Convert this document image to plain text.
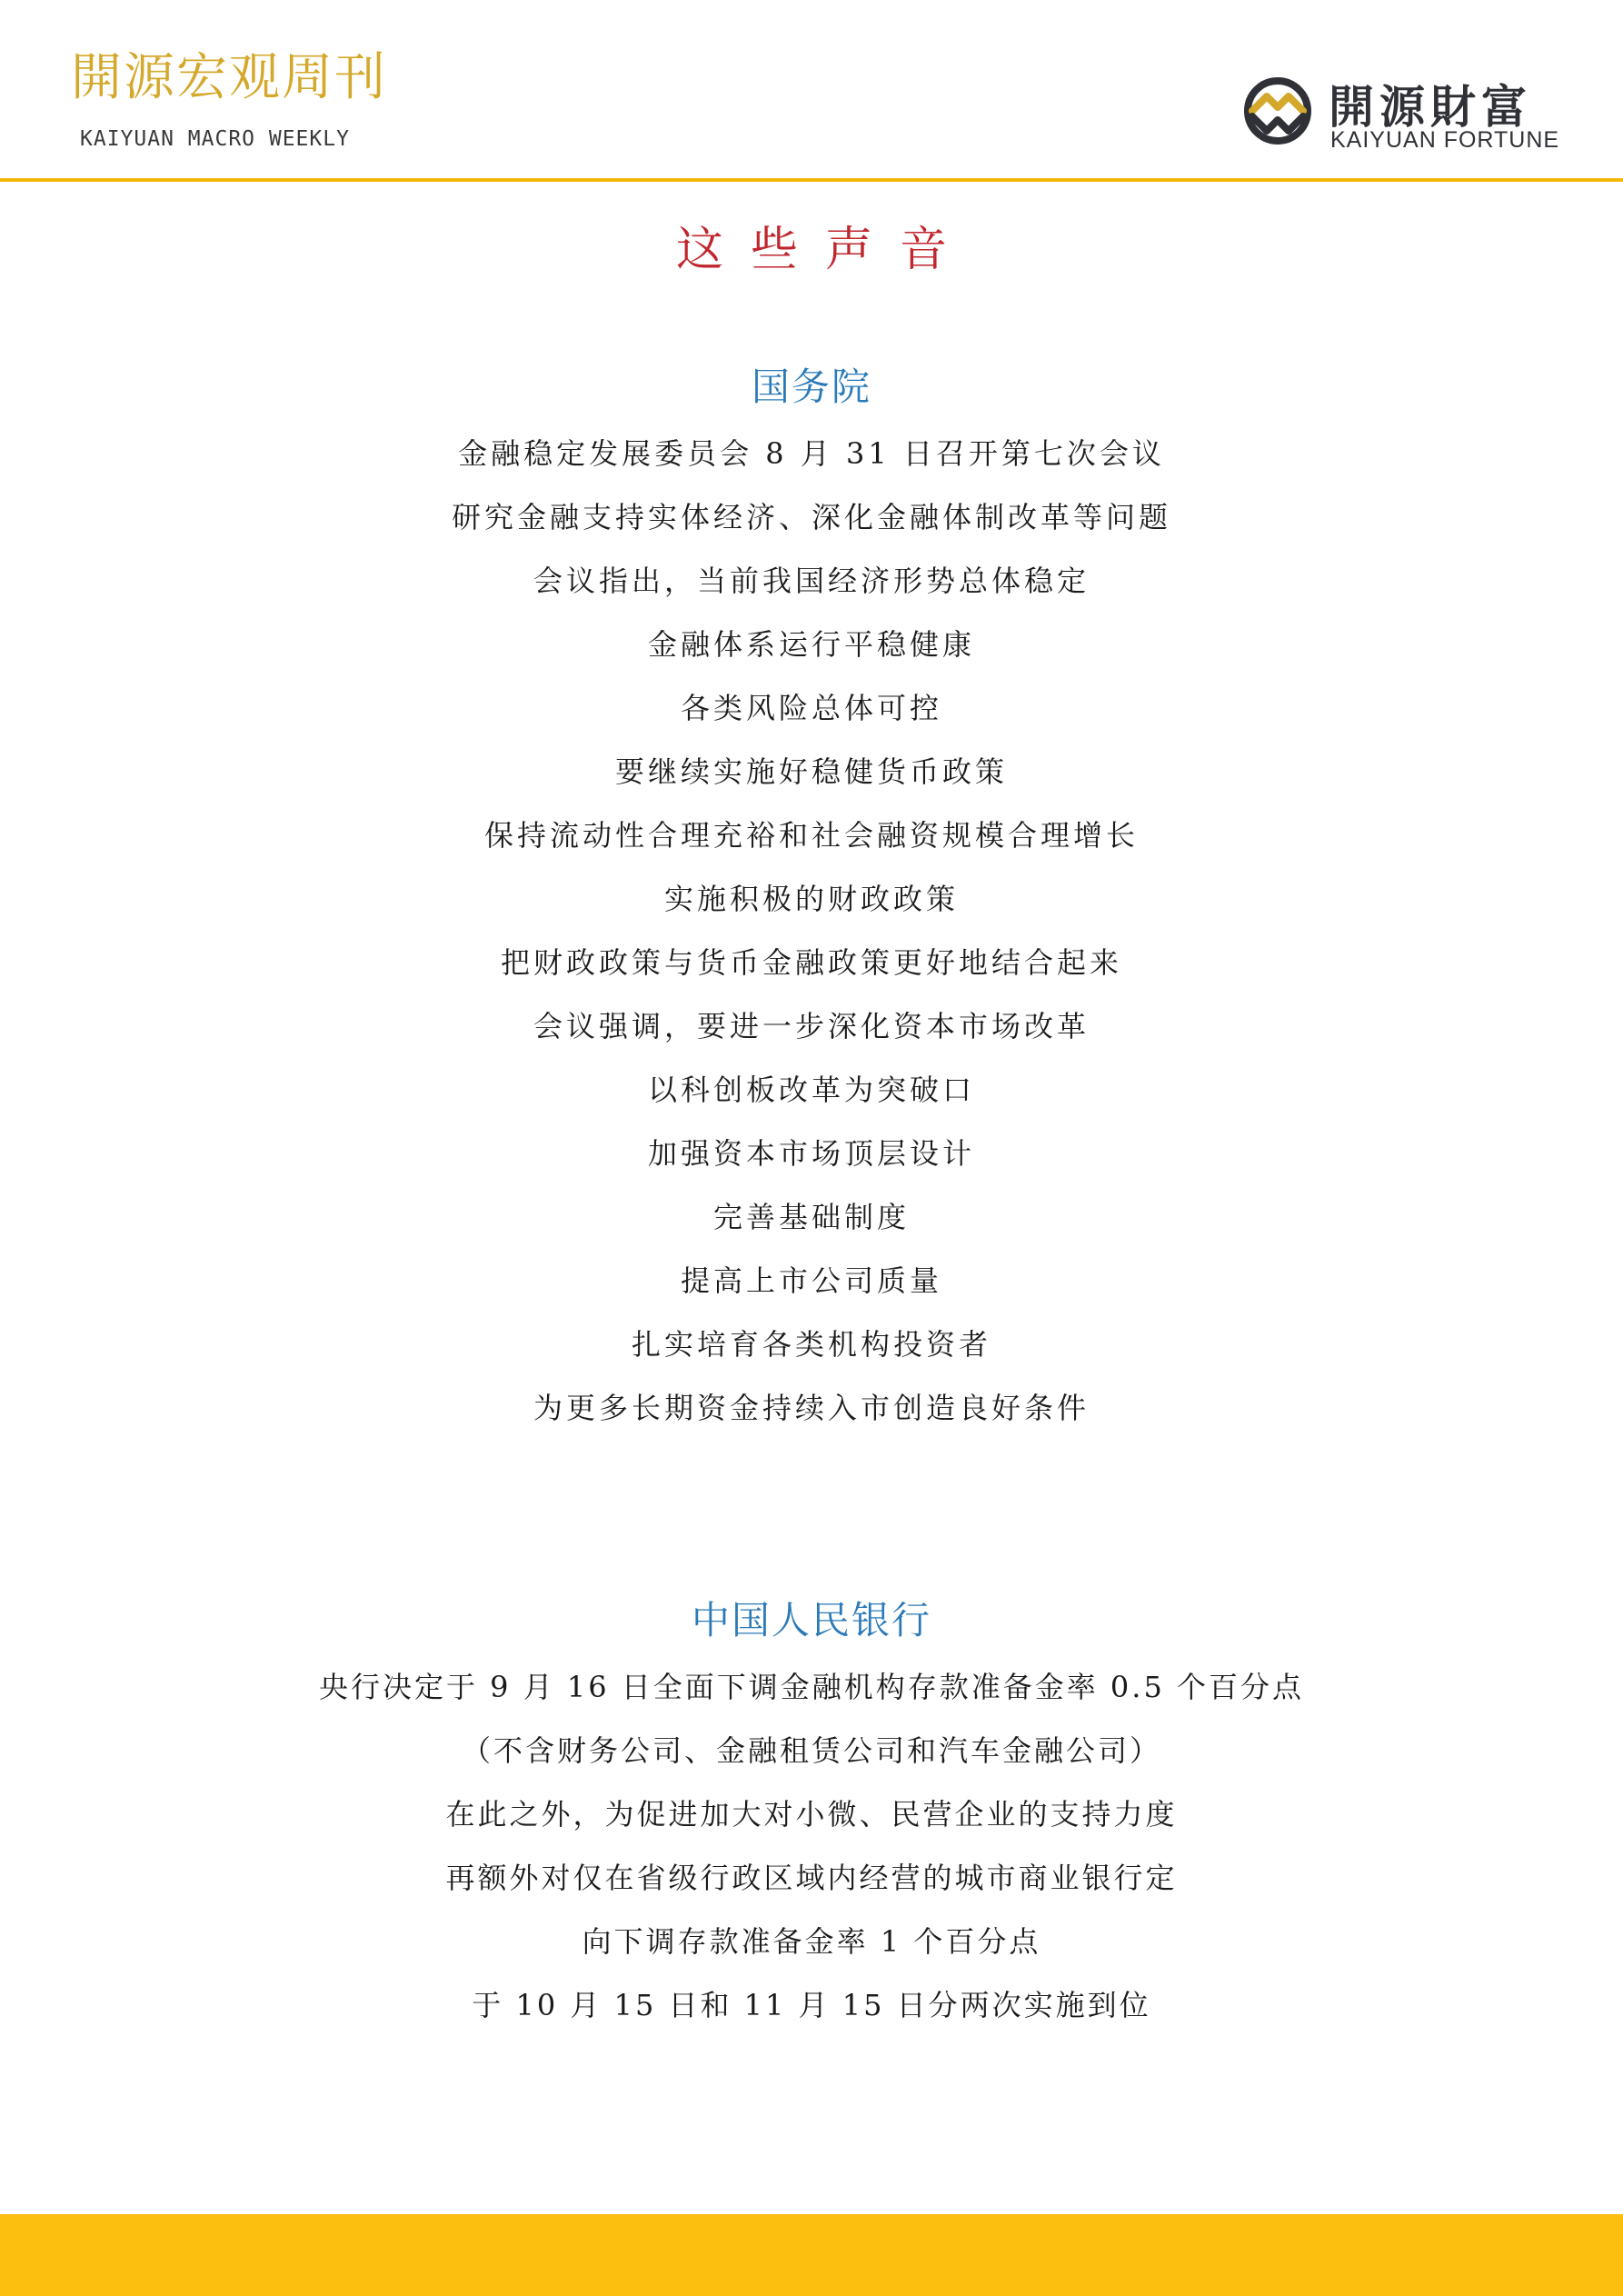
開源宏观周刊
KAIYUAN MACRO WEEKLY
開源財富
KAIYUAN FORTUNE
这些声音
国务院
金融稳定发展委员会 8 月 31 日召开第七次会议
研究金融支持实体经济、深化金融体制改革等问题
会议指出，当前我国经济形势总体稳定
金融体系运行平稳健康
各类风险总体可控
要继续实施好稳健货币政策
保持流动性合理充裕和社会融资规模合理增长
实施积极的财政政策
把财政政策与货币金融政策更好地结合起来
会议强调，要进一步深化资本市场改革
以科创板改革为突破口
加强资本市场顶层设计
完善基础制度
提高上市公司质量
扎实培育各类机构投资者
为更多长期资金持续入市创造良好条件
中国人民银行
央行决定于 9 月 16 日全面下调金融机构存款准备金率 0.5 个百分点
（不含财务公司、金融租赁公司和汽车金融公司）
在此之外，为促进加大对小微、民营企业的支持力度
再额外对仅在省级行政区域内经营的城市商业银行定
向下调存款准备金率 1 个百分点
于 10 月 15 日和 11 月 15 日分两次实施到位
